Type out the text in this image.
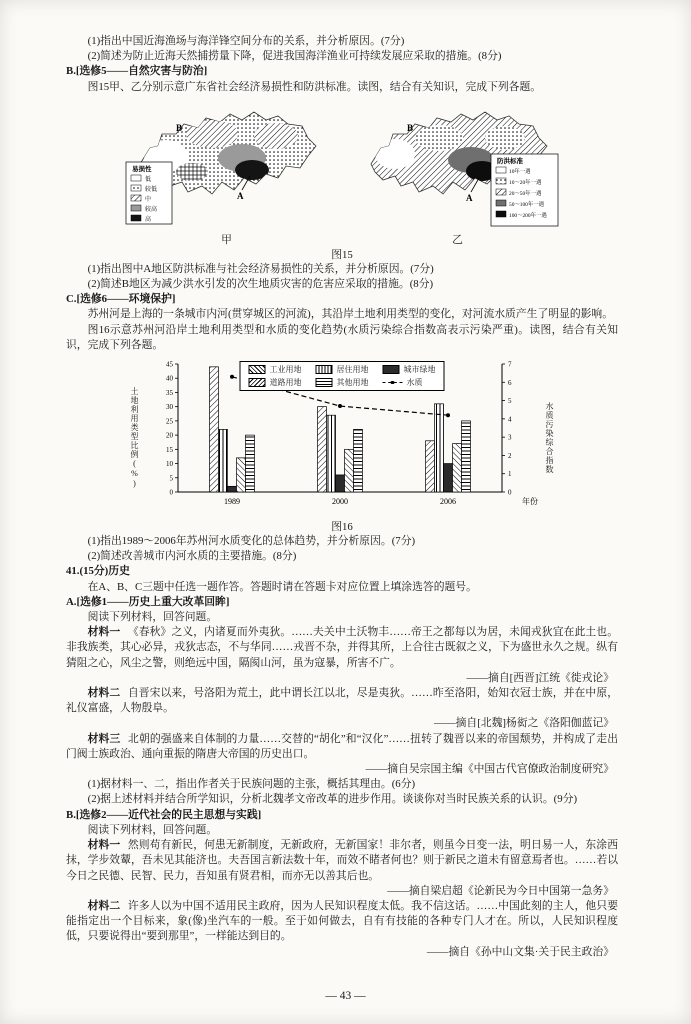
(1)指出中国近海渔场与海洋锋空间分布的关系，并分析原因。(7分)

(2)简述为防止近海天然捕捞量下降，促进我国海洋渔业可持续发展应采取的措施。(8分)

B.[选修5——自然灾害与防治]

图15甲、乙分别示意广东省社会经济易损性和防洪标准。读图，结合有关知识，完成下列各题。

A
B
易损性
低
较低
中
较高
高
甲
A
B
防洪标准
10年一遇
10～20年一遇
20～50年一遇
50～100年一遇
100～200年一遇
乙
图15

(1)指出图中A地区防洪标准与社会经济易损性的关系，并分析原因。(7分)

(2)简述B地区为减少洪水引发的次生地质灾害的危害应采取的措施。(8分)

C.[选修6——环境保护]

苏州河是上海的一条城市内河(贯穿城区的河流)，其沿岸土地利用类型的变化，对河流水质产生了明显的影响。

图16示意苏州河沿岸土地利用类型和水质的变化趋势(水质污染综合指数高表示污染严重)。读图，结合有关知识，完成下列各题。

土地利用类型比例(%)
0
5
10
15
20
25
30
35
40
45
0
1
2
3
4
5
6
7
1989	2000	2006	年份
工业用地	居住用地	城市绿地
道路用地	其他用地	水质
水质污染综合指数
图16

(1)指出1989～2006年苏州河水质变化的总体趋势，并分析原因。(7分)

(2)简述改善城市内河水质的主要措施。(8分)

41.(15分)历史

在A、B、C三题中任选一题作答。答题时请在答题卡对应位置上填涂选答的题号。

A.[选修1——历史上重大改革回眸]

阅读下列材料，回答问题。

材料一 《春秋》之义，内诸夏而外夷狄。……夫关中土沃物丰……帝王之都每以为居，未闻戎狄宜在此土也。非我族类，其心必异，戎狄志态，不与华同……戎晋不杂，并得其所，上合往古既叙之义，下为盛世永久之规。纵有猜阻之心，风尘之警，则绝远中国，隔阂山河，虽为寇暴，所害不广。

——摘自[西晋]江统《徙戎论》

材料二 自晋宋以来，号洛阳为荒土，此中谓长江以北，尽是夷狄。……昨至洛阳，始知衣冠士族，并在中原，礼仪富盛，人物殷阜。

——摘自[北魏]杨衒之《洛阳伽蓝记》

材料三 北朝的强盛来自体制的力量……交替的“胡化”和“汉化”……扭转了魏晋以来的帝国颓势，并构成了走出门阀士族政治、通向重振的隋唐大帝国的历史出口。

——摘自吴宗国主编《中国古代官僚政治制度研究》

(1)据材料一、二，指出作者关于民族问题的主张，概括其理由。(6分)

(2)据上述材料并结合所学知识，分析北魏孝文帝改革的进步作用。谈谈你对当时民族关系的认识。(9分)

B.[选修2——近代社会的民主思想与实践]

阅读下列材料，回答问题。

材料一 然则苟有新民，何患无新制度，无新政府，无新国家！非尔者，则虽今日变一法，明日易一人，东涂西抹，学步效颦，吾未见其能济也。夫吾国言新法数十年，而效不睹者何也？则于新民之道未有留意焉者也。……若以今日之民德、民智、民力，吾知虽有贤君相，而亦无以善其后也。

——摘自梁启超《论新民为今日中国第一急务》

材料二 许多人以为中国不适用民主政府，因为人民知识程度太低。我不信这话。……中国此刻的主人，他只要能指定出一个目标来，象(像)坐汽车的一般。至于如何做去，自有有技能的各种专门人才在。所以，人民知识程度低，只要说得出“要到那里”，一样能达到目的。

——摘自《孙中山文集·关于民主政治》

— 43 —
